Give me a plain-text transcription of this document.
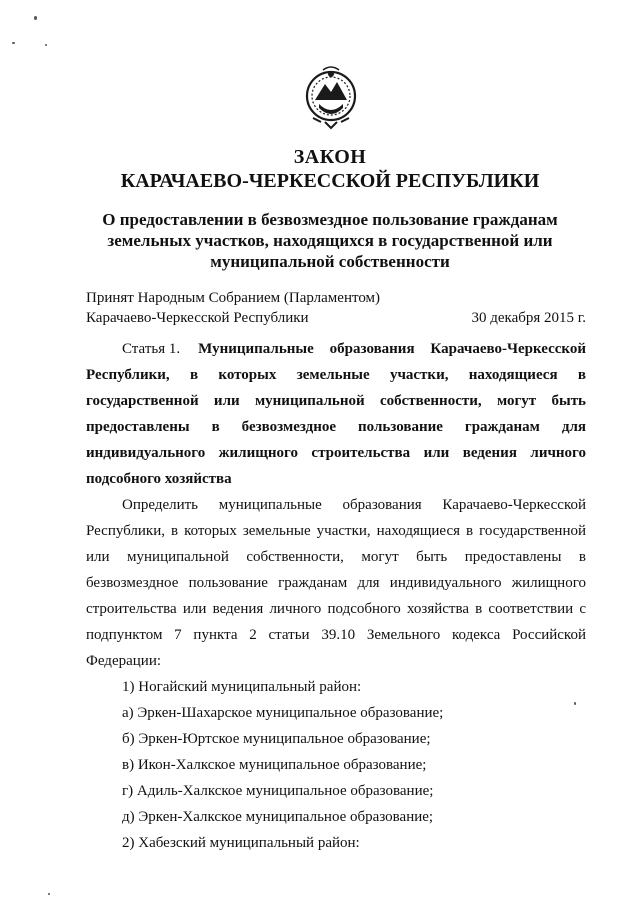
ЗАКОН
КАРАЧАЕВО-ЧЕРКЕССКОЙ РЕСПУБЛИКИ
О предоставлении в безвозмездное пользование гражданам
земельных участков, находящихся в государственной или
муниципальной собственности
Принят Народным Собранием (Парламентом)
Карачаево-Черкесской Республики	30 декабря 2015 г.
Статья 1. Муниципальные образования Карачаево-Черкесской
Республики, в которых земельные участки, находящиеся в
государственной или муниципальной собственности, могут быть
предоставлены в безвозмездное пользование гражданам для
индивидуального жилищного строительства или ведения личного
подсобного хозяйства
Определить муниципальные образования Карачаево-Черкесской
Республики, в которых земельные участки, находящиеся в государственной
или муниципальной собственности, могут быть предоставлены в
безвозмездное пользование гражданам для индивидуального жилищного
строительства или ведения личного подсобного хозяйства в соответствии с
подпунктом 7 пункта 2 статьи 39.10 Земельного кодекса Российской
Федерации:
1) Ногайский муниципальный район:
а) Эркен-Шахарское муниципальное образование;
б) Эркен-Юртское муниципальное образование;
в) Икон-Халкское муниципальное образование;
г) Адиль-Халкское муниципальное образование;
д) Эркен-Халкское муниципальное образование;
2) Хабезский муниципальный район:
